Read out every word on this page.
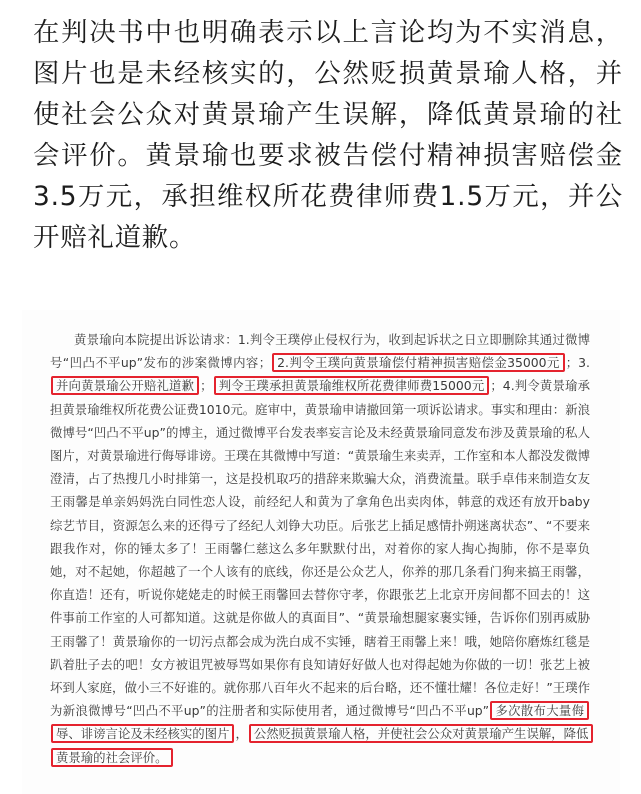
在判决书中也明确表示以上言论均为不实消息，图片也是未经核实的，公然贬损黄景瑜人格，并使社会公众对黄景瑜产生误解，降低黄景瑜的社会评价。黄景瑜也要求被告偿付精神损害赔偿金3.5万元，承担维权所花费律师费1.5万元，并公开赔礼道歉。

黄景瑜向本院提出诉讼请求：1.判令王璞停止侵权行为，收到起诉状之日立即删除其通过微博号“凹凸不平up”发布的涉案微博内容； 2.判令王璞向黄景瑜偿付精神损害赔偿金35000元 ；3.并向黄景瑜公开赔礼道歉 ； 判令王璞承担黄景瑜维权所花费律师费15000元 ；4.判令黄景瑜承担黄景瑜维权所花费公证费1010元。庭审中，黄景瑜申请撤回第一项诉讼请求。事实和理由：新浪微博号“凹凸不平up”的博主，通过微博平台发表率妄言论及未经黄景瑜同意发布涉及黄景瑜的私人图片，对黄景瑜进行侮辱诽谤。王璞在其微博中写道：“黄景瑜生来卖弄，工作室和本人都没发微博澄清，占了热搜几小时排第一，这是投机取巧的措辞来欺骗大众，消费流量。联手卓伟来制造女友王雨馨是单亲妈妈洗白同性恋人设，前经纪人和黄为了拿角色出卖肉体，韩意的戏还有放开baby 综艺节目，资源怎么来的还得亏了经纪人刘铮大功臣。后张艺上插足感情扑朔迷离状态”、“不要来跟我作对，你的锤太多了！王雨馨仁慈这么多年默默付出，对着你的家人掏心掏肺，你不是辜负她，对不起她，你超越了一个人该有的底线，你还是公众艺人，你养的那几条看门狗来搞王雨馨，你直造！还有，听说你姥姥走的时候王雨馨回去替你守孝，你跟张艺上北京开房间都不回去的！这件事前工作室的人可都知道。这就是你做人的真面目”、“黄景瑜想腿家裹实锤，告诉你们别再威胁王雨馨了！黄景瑜你的一切污点都会成为洗白成不实锤，瞎着王雨馨上来！哦，她陪你磨炼红毯是趴着肚子去的吧！女方被诅咒被辱骂如果你有良知请好好做人也对得起她为你做的一切！张艺上被坏到人家庭，做小三不好谁的。就你那八百年火不起来的后台略，还不懂壮耀！各位走好！”王璞作为新浪微博号“凹凸不平up”的注册者和实际使用者，通过微博号“凹凸不平up” 多次散布大量侮辱、诽谤言论及未经核实的图片 ， 公然贬损黄景瑜人格，并使社会公众对黄景瑜产生误解，降低黄景瑜的社会评价。
